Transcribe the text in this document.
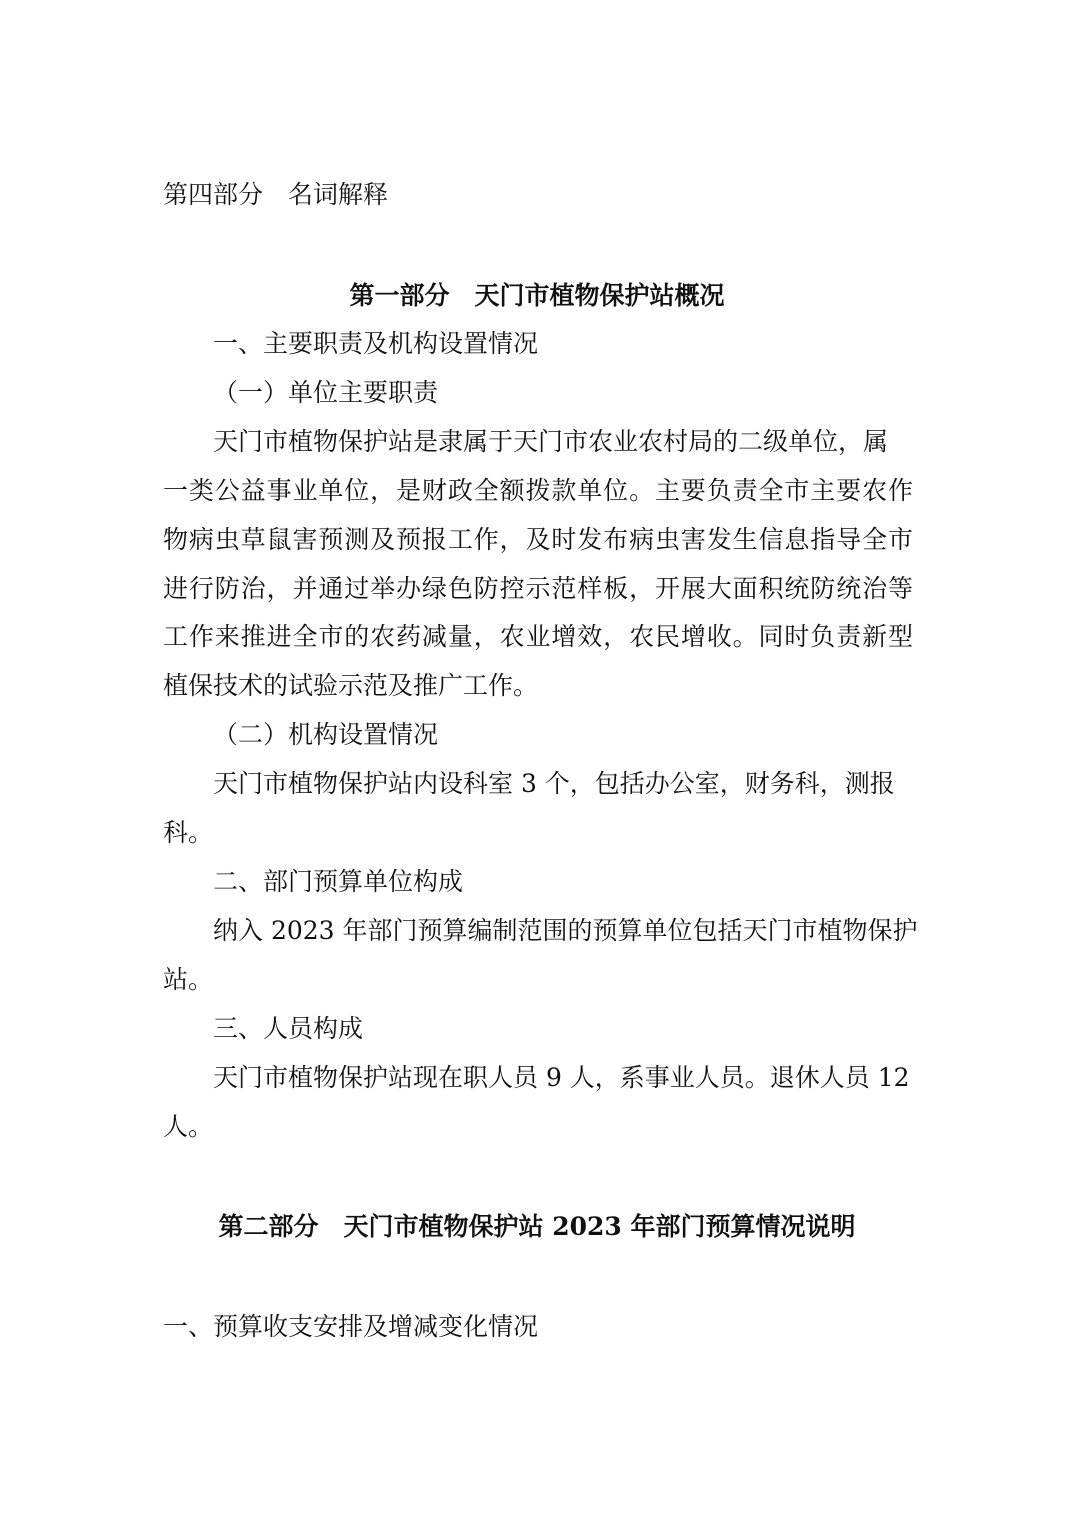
第四部分　名词解释

第一部分　天门市植物保护站概况

一、主要职责及机构设置情况

（一）单位主要职责

天门市植物保护站是隶属于天门市农业农村局的二级单位，属

一类公益事业单位，是财政全额拨款单位。主要负责全市主要农作

物病虫草鼠害预测及预报工作，及时发布病虫害发生信息指导全市

进行防治，并通过举办绿色防控示范样板，开展大面积统防统治等

工作来推进全市的农药减量，农业增效，农民增收。同时负责新型

植保技术的试验示范及推广工作。

（二）机构设置情况

天门市植物保护站内设科室 3 个，包括办公室，财务科，测报

科。

二、部门预算单位构成

纳入 2023 年部门预算编制范围的预算单位包括天门市植物保护

站。

三、人员构成

天门市植物保护站现在职人员 9 人，系事业人员。退休人员 12

人。

第二部分　天门市植物保护站 2023 年部门预算情况说明

一、预算收支安排及增减变化情况
